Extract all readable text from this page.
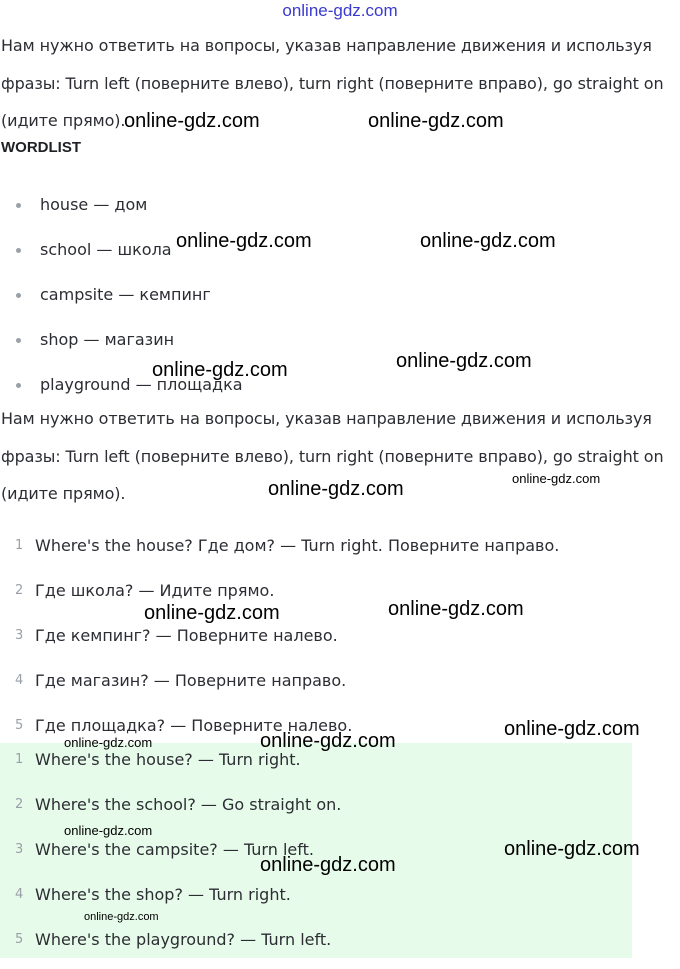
online-gdz.com

Нам нужно ответить на вопросы, указав направление движения и используя фразы: Turn left (поверните влево), turn right (поверните вправо), go straight on (идите прямо).

WORDLIST
house — дом
school — школа
campsite — кемпинг
shop — магазин
playground — площадка

Нам нужно ответить на вопросы, указав направление движения и используя фразы: Turn left (поверните влево), turn right (поверните вправо), go straight on (идите прямо).

1 Where's the house? Где дом? — Turn right. Поверните направо.
2 Где школа? — Идите прямо.
3 Где кемпинг? — Поверните налево.
4 Где магазин? — Поверните направо.
5 Где площадка? — Поверните налево.
1 Where's the house? — Turn right.
2 Where's the school? — Go straight on.
3 Where's the campsite? — Turn left.
4 Where's the shop? — Turn right.
5 Where's the playground? — Turn left.
online-gdz.com	online-gdz.com
online-gdz.com	online-gdz.com
online-gdz.com
online-gdz.com
online-gdz.com	online-gdz.com
online-gdz.com
online-gdz.com
online-gdz.com
online-gdz.com
online-gdz.com
online-gdz.com
online-gdz.com
online-gdz.com
online-gdz.com
